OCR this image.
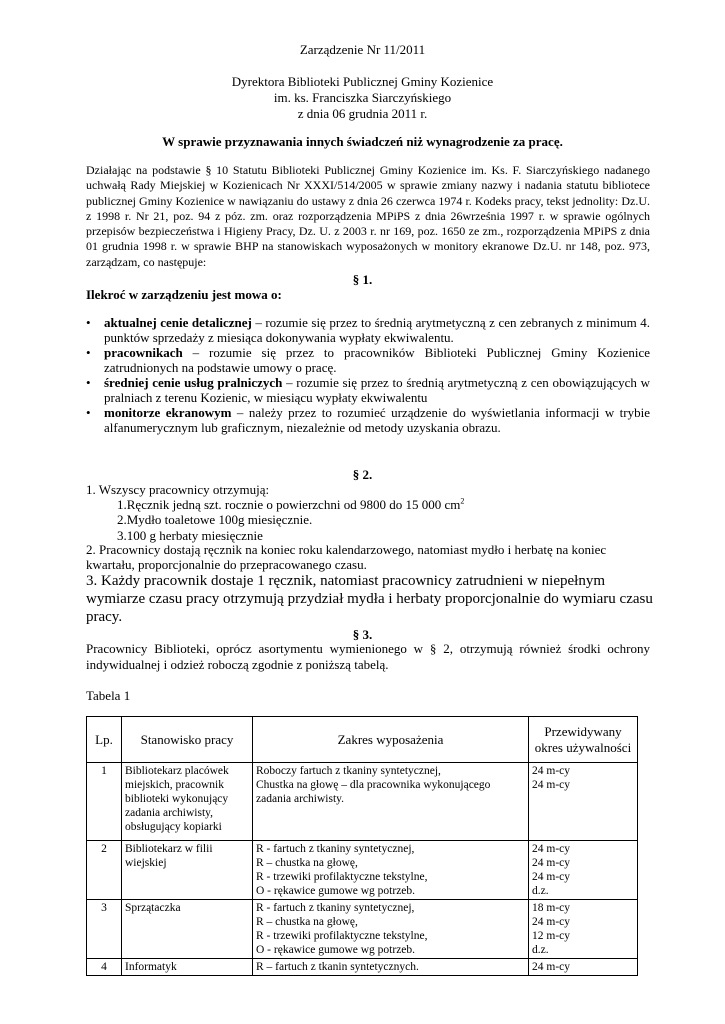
Zarządzenie Nr 11/2011
Dyrektora Biblioteki Publicznej Gminy Kozienice
im. ks. Franciszka Siarczyńskiego
z dnia 06 grudnia 2011 r.
W sprawie przyznawania innych świadczeń niż wynagrodzenie za pracę.
Działając na podstawie § 10 Statutu Biblioteki Publicznej Gminy Kozienice im. Ks. F. Siarczyńskiego nadanego uchwałą Rady Miejskiej w Kozienicach Nr XXXI/514/2005 w sprawie zmiany nazwy i nadania statutu bibliotece publicznej Gminy Kozienice w nawiązaniu do ustawy z dnia 26 czerwca 1974 r. Kodeks pracy, tekst jednolity: Dz.U. z 1998 r. Nr 21, poz. 94 z póz. zm. oraz rozporządzenia MPiPS z dnia 26września 1997 r. w sprawie ogólnych przepisów bezpieczeństwa i Higieny Pracy, Dz. U. z 2003 r. nr 169, poz. 1650 ze zm., rozporządzenia MPiPS z dnia 01 grudnia 1998 r. w sprawie BHP na stanowiskach wyposażonych w monitory ekranowe Dz.U. nr 148, poz. 973, zarządzam, co następuje:
§ 1.
Ilekroć w zarządzeniu jest mowa o:
•	aktualnej cenie detalicznej – rozumie się przez to średnią arytmetyczną z cen zebranych z minimum 4. punktów sprzedaży z miesiąca dokonywania wypłaty ekwiwalentu.
•	pracownikach – rozumie się przez to pracowników Biblioteki Publicznej Gminy Kozienice zatrudnionych na podstawie umowy o pracę.
•	średniej cenie usług pralniczych – rozumie się przez to średnią arytmetyczną z cen obowiązujących w pralniach z terenu Kozienic, w miesiącu wypłaty ekwiwalentu
•	monitorze ekranowym – należy przez to rozumieć urządzenie do wyświetlania informacji w trybie alfanumerycznym lub graficznym, niezależnie od metody uzyskania obrazu.
§ 2.
1. Wszyscy pracownicy otrzymują:
1.Ręcznik jedną szt. rocznie o powierzchni od 9800 do 15 000 $cm^2$
2.Mydło toaletowe 100g miesięcznie.
3.100 g herbaty miesięcznie
2. Pracownicy dostają ręcznik na koniec roku kalendarzowego, natomiast mydło i herbatę na koniec kwartału, proporcjonalnie do przepracowanego czasu.
3. Każdy pracownik dostaje 1 ręcznik, natomiast pracownicy zatrudnieni w niepełnym wymiarze czasu pracy otrzymują przydział mydła i herbaty proporcjonalnie do wymiaru czasu pracy.
§ 3.
Pracownicy Biblioteki, oprócz asortymentu wymienionego w § 2, otrzymują również środki ochrony indywidualnej i odzież roboczą zgodnie z poniższą tabelą.
Tabela 1
Lp.	Stanowisko pracy	Zakres wyposażenia	Przewidywany okres używalności
1	Bibliotekarz placówek miejskich, pracownik biblioteki wykonujący zadania archiwisty, obsługujący kopiarki	Roboczy fartuch z tkaniny syntetycznej,
Chustka na głowę – dla pracownika wykonującego zadania archiwisty.	24 m-cy
24 m-cy

2	Bibliotekarz w filii wiejskiej	R - fartuch z tkaniny syntetycznej,
R – chustka na głowę,
R - trzewiki profilaktyczne tekstylne,
O - rękawice gumowe wg potrzeb.	24 m-cy
24 m-cy
24 m-cy
d.z.

3	Sprzątaczka	R - fartuch z tkaniny syntetycznej,
R – chustka na głowę,
R - trzewiki profilaktyczne tekstylne,
O - rękawice gumowe wg potrzeb.	18 m-cy
24 m-cy
12 m-cy
d.z.

4	Informatyk	R – fartuch z tkanin syntetycznych.	24 m-cy
